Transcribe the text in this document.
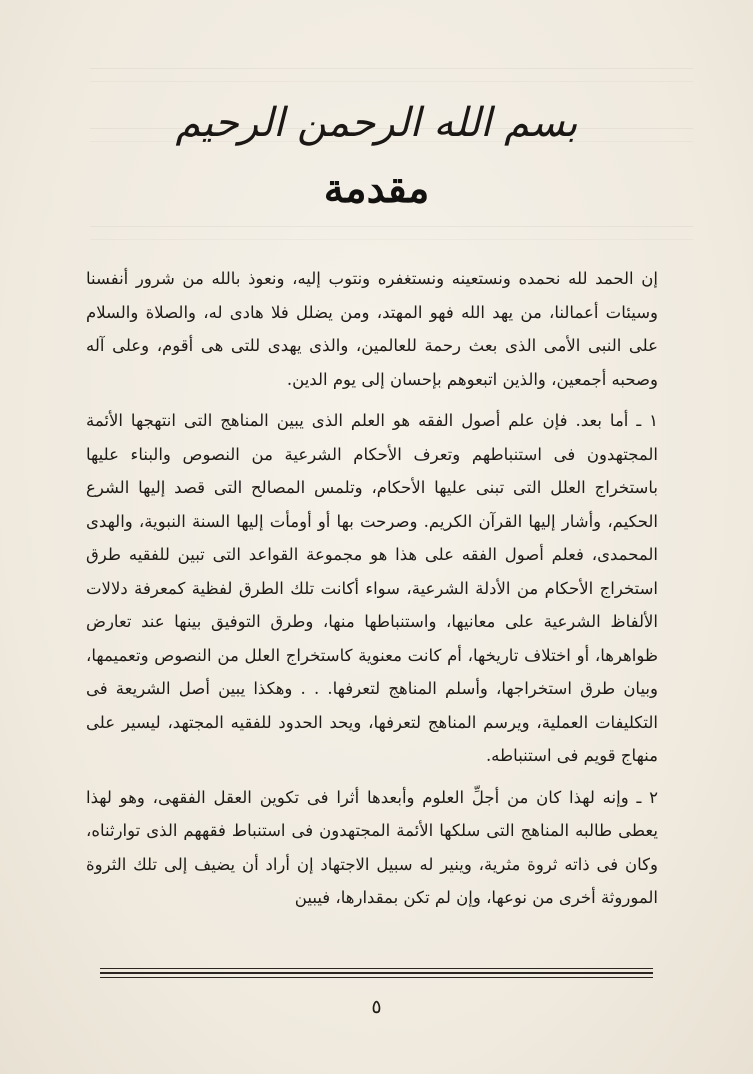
بسم الله الرحمن الرحيم
مقدمة

إن الحمد لله نحمده ونستعينه ونستغفره ونتوب إليه، ونعوذ بالله من شرور أنفسنا وسيئات أعمالنا، من يهد الله فهو المهتد، ومن يضلل فلا هادى له، والصلاة والسلام على النبى الأمى الذى بعث رحمة للعالمين، والذى يهدى للتى هى أقوم، وعلى آله وصحبه أجمعين، والذين اتبعوهم بإحسان إلى يوم الدين.

١ ـ أما بعد. فإن علم أصول الفقه هو العلم الذى يبين المناهج التى انتهجها الأئمة المجتهدون فى استنباطهم وتعرف الأحكام الشرعية من النصوص والبناء عليها باستخراج العلل التى تبنى عليها الأحكام، وتلمس المصالح التى قصد إليها الشرع الحكيم، وأشار إليها القرآن الكريم. وصرحت بها أو أومأت إليها السنة النبوية، والهدى المحمدى، فعلم أصول الفقه على هذا هو مجموعة القواعد التى تبين للفقيه طرق استخراج الأحكام من الأدلة الشرعية، سواء أكانت تلك الطرق لفظية كمعرفة دلالات الألفاظ الشرعية على معانيها، واستنباطها منها، وطرق التوفيق بينها عند تعارض ظواهرها، أو اختلاف تاريخها، أم كانت معنوية كاستخراج العلل من النصوص وتعميمها، وبيان طرق استخراجها، وأسلم المناهج لتعرفها. . . وهكذا يبين أصل الشريعة فى التكليفات العملية، ويرسم المناهج لتعرفها، ويحد الحدود للفقيه المجتهد، ليسير على منهاج قويم فى استنباطه.

٢ ـ وإنه لهذا كان من أجلِّ العلوم وأبعدها أثرا فى تكوين العقل الفقهى، وهو لهذا يعطى طالبه المناهج التى سلكها الأئمة المجتهدون فى استنباط فقههم الذى توارثناه، وكان فى ذاته ثروة مثرية، وينير له سبيل الاجتهاد إن أراد أن يضيف إلى تلك الثروة الموروثة أخرى من نوعها، وإن لم تكن بمقدارها، فيبين

٥
